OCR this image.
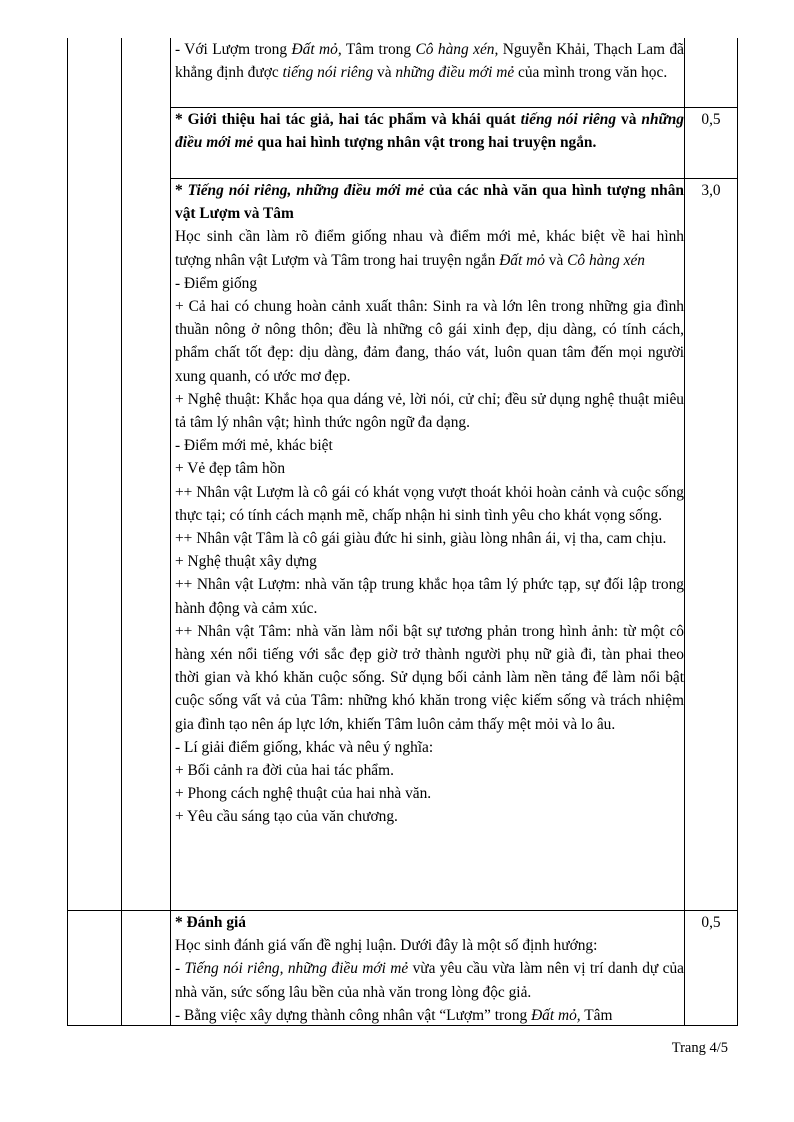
- Với Lượm trong Đất mỏ, Tâm trong Cô hàng xén, Nguyễn Khải, Thạch Lam đã khẳng định được tiếng nói riêng và những điều mới mẻ của mình trong văn học.

* Giới thiệu hai tác giả, hai tác phẩm và khái quát tiếng nói riêng và những điều mới mẻ qua hai hình tượng nhân vật trong hai truyện ngắn.

0,5

* Tiếng nói riêng, những điều mới mẻ của các nhà văn qua hình tượng nhân vật Lượm và Tâm

Học sinh cần làm rõ điểm giống nhau và điểm mới mẻ, khác biệt về hai hình tượng nhân vật Lượm và Tâm trong hai truyện ngắn Đất mỏ và Cô hàng xén

- Điểm giống

+ Cả hai có chung hoàn cảnh xuất thân: Sinh ra và lớn lên trong những gia đình thuần nông ở nông thôn; đều là những cô gái xinh đẹp, dịu dàng, có tính cách, phẩm chất tốt đẹp: dịu dàng, đảm đang, tháo vát, luôn quan tâm đến mọi người xung quanh, có ước mơ đẹp.

+ Nghệ thuật: Khắc họa qua dáng vẻ, lời nói, cử chỉ; đều sử dụng nghệ thuật miêu tả tâm lý nhân vật; hình thức ngôn ngữ đa dạng.

- Điểm mới mẻ, khác biệt

+ Vẻ đẹp tâm hồn

++ Nhân vật Lượm là cô gái có khát vọng vượt thoát khỏi hoàn cảnh và cuộc sống thực tại; có tính cách mạnh mẽ, chấp nhận hi sinh tình yêu cho khát vọng sống.

++ Nhân vật Tâm là cô gái giàu đức hi sinh, giàu lòng nhân ái, vị tha, cam chịu.

+ Nghệ thuật xây dựng

++ Nhân vật Lượm: nhà văn tập trung khắc họa tâm lý phức tạp, sự đối lập trong hành động và cảm xúc.

++ Nhân vật Tâm: nhà văn làm nổi bật sự tương phản trong hình ảnh: từ một cô hàng xén nổi tiếng với sắc đẹp giờ trở thành người phụ nữ già đi, tàn phai theo thời gian và khó khăn cuộc sống. Sử dụng bối cảnh làm nền tảng để làm nổi bật cuộc sống vất vả của Tâm: những khó khăn trong việc kiếm sống và trách nhiệm gia đình tạo nên áp lực lớn, khiến Tâm luôn cảm thấy mệt mỏi và lo âu.

- Lí giải điểm giống, khác và nêu ý nghĩa:

+ Bối cảnh ra đời của hai tác phẩm.

+ Phong cách nghệ thuật của hai nhà văn.

+ Yêu cầu sáng tạo của văn chương.

3,0

* Đánh giá

Học sinh đánh giá vấn đề nghị luận. Dưới đây là một số định hướng:

- Tiếng nói riêng, những điều mới mẻ vừa yêu cầu vừa làm nên vị trí danh dự của nhà văn, sức sống lâu bền của nhà văn trong lòng độc giả.

- Bằng việc xây dựng thành công nhân vật “Lượm” trong Đất mỏ, Tâm

0,5
Trang 4/5
